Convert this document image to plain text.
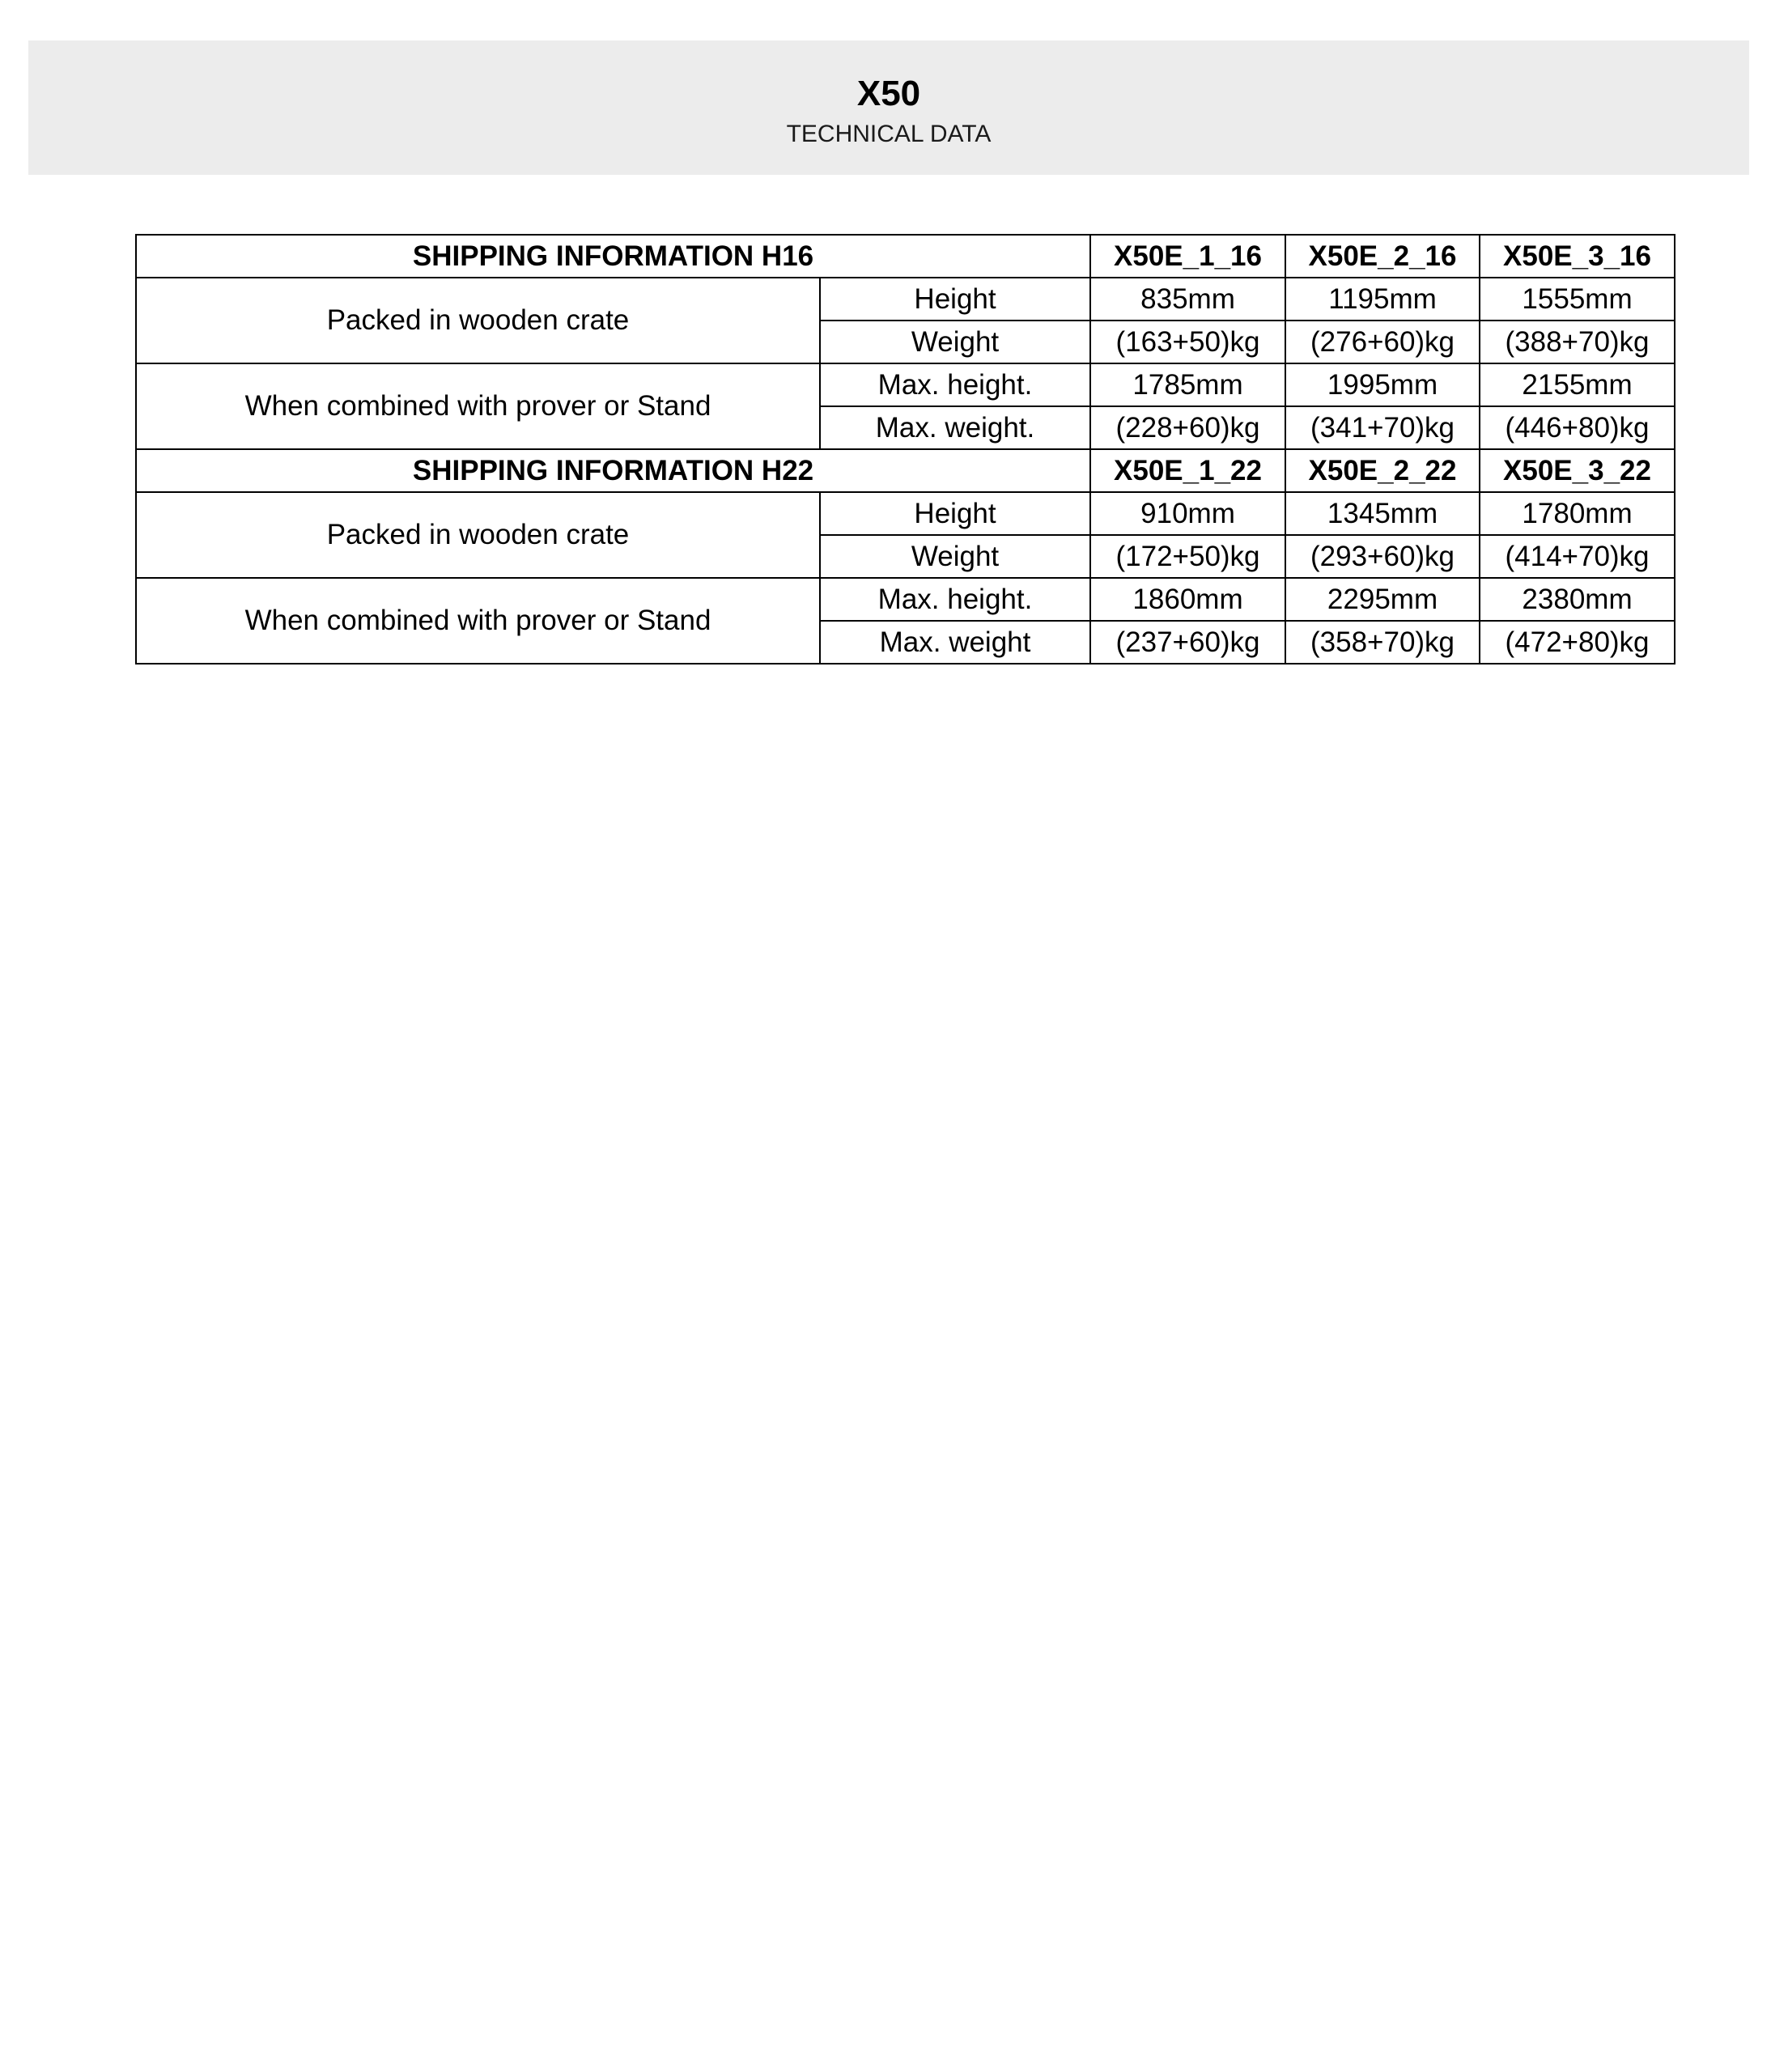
X50
TECHNICAL DATA
SHIPPING INFORMATION H16		X50E_1_16	X50E_2_16	X50E_3_16
Packed in wooden crate	Height	835mm	1195mm	1555mm
	Weight	(163+50)kg	(276+60)kg	(388+70)kg
When combined with prover or Stand	Max. height.	1785mm	1995mm	2155mm
	Max. weight.	(228+60)kg	(341+70)kg	(446+80)kg
SHIPPING INFORMATION H22		X50E_1_22	X50E_2_22	X50E_3_22
Packed in wooden crate	Height	910mm	1345mm	1780mm
	Weight	(172+50)kg	(293+60)kg	(414+70)kg
When combined with prover or Stand	Max. height.	1860mm	2295mm	2380mm
	Max. weight	(237+60)kg	(358+70)kg	(472+80)kg
